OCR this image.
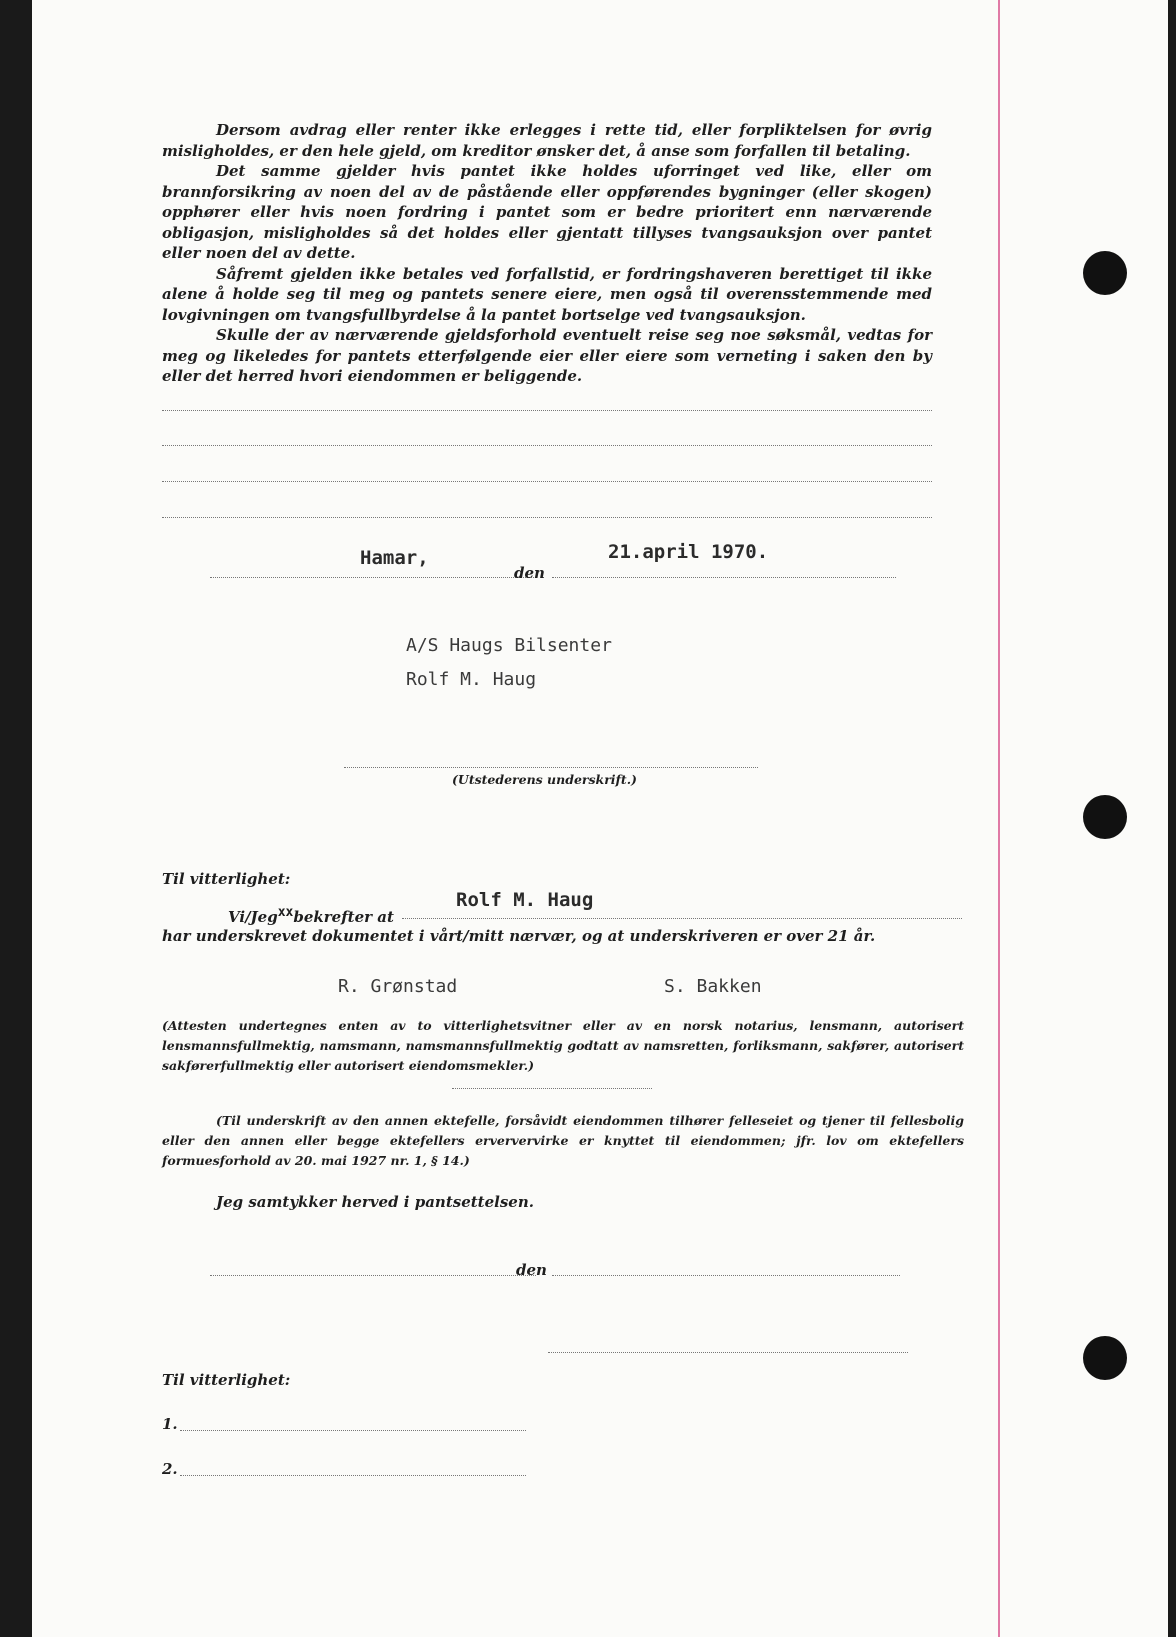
Dersom avdrag eller renter ikke erlegges i rette tid, eller forpliktelsen for øvrig misligholdes, er den hele gjeld, om kreditor ønsker det, å anse som forfallen til betaling.

Det samme gjelder hvis pantet ikke holdes uforringet ved like, eller om brannforsikring av noen del av de påstående eller oppførendes bygninger (eller skogen) opphører eller hvis noen fordring i pantet som er bedre prioritert enn nærværende obligasjon, misligholdes så det holdes eller gjentatt tillyses tvangsauksjon over pantet eller noen del av dette.

Såfremt gjelden ikke betales ved forfallstid, er fordringshaveren berettiget til ikke alene å holde seg til meg og pantets senere eiere, men også til overensstemmende med lovgivningen om tvangsfullbyrdelse å la pantet bortselge ved tvangsauksjon.

Skulle der av nærværende gjeldsforhold eventuelt reise seg noe søksmål, vedtas for meg og likeledes for pantets etterfølgende eier eller eiere som verneting i saken den by eller det herred hvori eiendommen er beliggende.

Hamar,
den
21.april 1970.
A/S Haugs Bilsenter
Rolf M. Haug
(Utstederens underskrift.)
Til vitterlighet:
Vi/Jeg$^{xx}$bekrefter at
Rolf M. Haug
har underskrevet dokumentet i vårt/mitt nærvær, og at underskriveren er over 21 år.
R. Grønstad	S. Bakken

(Attesten undertegnes enten av to vitterlighetsvitner eller av en norsk notarius, lensmann, autorisert lensmannsfullmektig, namsmann, namsmannsfullmektig godtatt av namsretten, forliksmann, sakfører, autorisert sakførerfullmektig eller autorisert eiendomsmekler.)

(Til underskrift av den annen ektefelle, forsåvidt eiendommen tilhører felleseiet og tjener til fellesbolig eller den annen eller begge ektefellers erververvirke er knyttet til eiendommen; jfr. lov om ektefellers formuesforhold av 20. mai 1927 nr. 1, § 14.)

Jeg samtykker herved i pantsettelsen.
den
Til vitterlighet:
1.
2.
